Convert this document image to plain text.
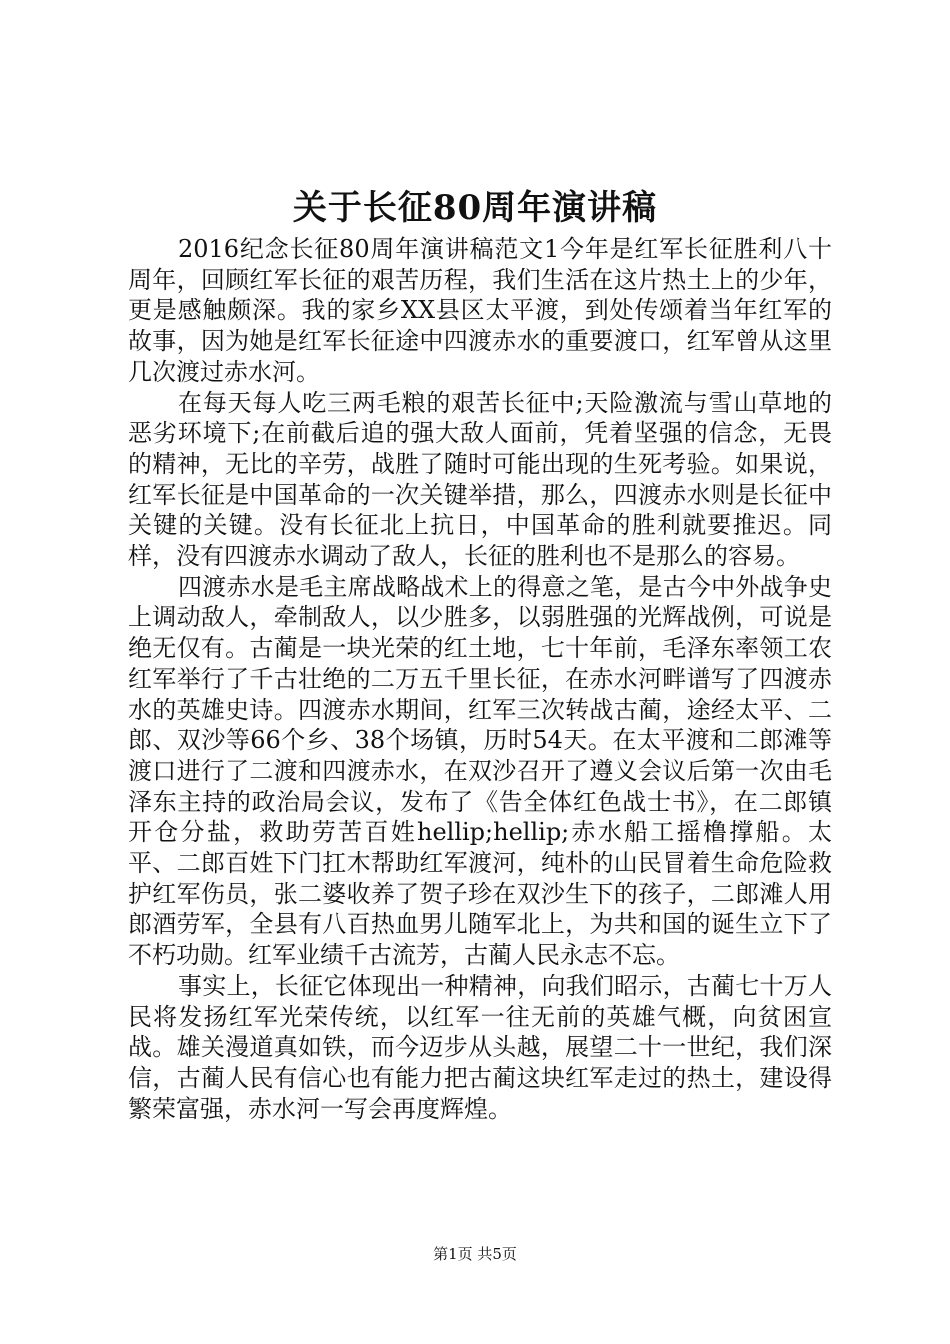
关于长征80周年演讲稿

2016纪念长征80周年演讲稿范文1今年是红军长征胜利八十周年，回顾红军长征的艰苦历程，我们生活在这片热土上的少年，更是感触颇深。我的家乡XX县区太平渡，到处传颂着当年红军的故事，因为她是红军长征途中四渡赤水的重要渡口，红军曾从这里几次渡过赤水河。

在每天每人吃三两毛粮的艰苦长征中;天险激流与雪山草地的恶劣环境下;在前截后追的强大敌人面前，凭着坚强的信念，无畏的精神，无比的辛劳，战胜了随时可能出现的生死考验。如果说，红军长征是中国革命的一次关键举措，那么，四渡赤水则是长征中关键的关键。没有长征北上抗日，中国革命的胜利就要推迟。同样，没有四渡赤水调动了敌人，长征的胜利也不是那么的容易。

四渡赤水是毛主席战略战术上的得意之笔，是古今中外战争史上调动敌人，牵制敌人，以少胜多，以弱胜强的光辉战例，可说是绝无仅有。古蔺是一块光荣的红土地，七十年前，毛泽东率领工农红军举行了千古壮绝的二万五千里长征，在赤水河畔谱写了四渡赤水的英雄史诗。四渡赤水期间，红军三次转战古蔺，途经太平、二郎、双沙等66个乡、38个场镇，历时54天。在太平渡和二郎滩等渡口进行了二渡和四渡赤水，在双沙召开了遵义会议后第一次由毛泽东主持的政治局会议，发布了《告全体红色战士书》，在二郎镇开仓分盐，救助劳苦百姓hellip;hellip;赤水船工摇橹撑船。太平、二郎百姓下门扛木帮助红军渡河，纯朴的山民冒着生命危险救护红军伤员，张二婆收养了贺子珍在双沙生下的孩子，二郎滩人用郎酒劳军，全县有八百热血男儿随军北上，为共和国的诞生立下了不朽功勋。红军业绩千古流芳，古蔺人民永志不忘。

事实上，长征它体现出一种精神，向我们昭示，古蔺七十万人民将发扬红军光荣传统，以红军一往无前的英雄气概，向贫困宣战。雄关漫道真如铁，而今迈步从头越，展望二十一世纪，我们深信，古蔺人民有信心也有能力把古蔺这块红军走过的热土，建设得繁荣富强，赤水河一写会再度辉煌。

第1页 共5页
